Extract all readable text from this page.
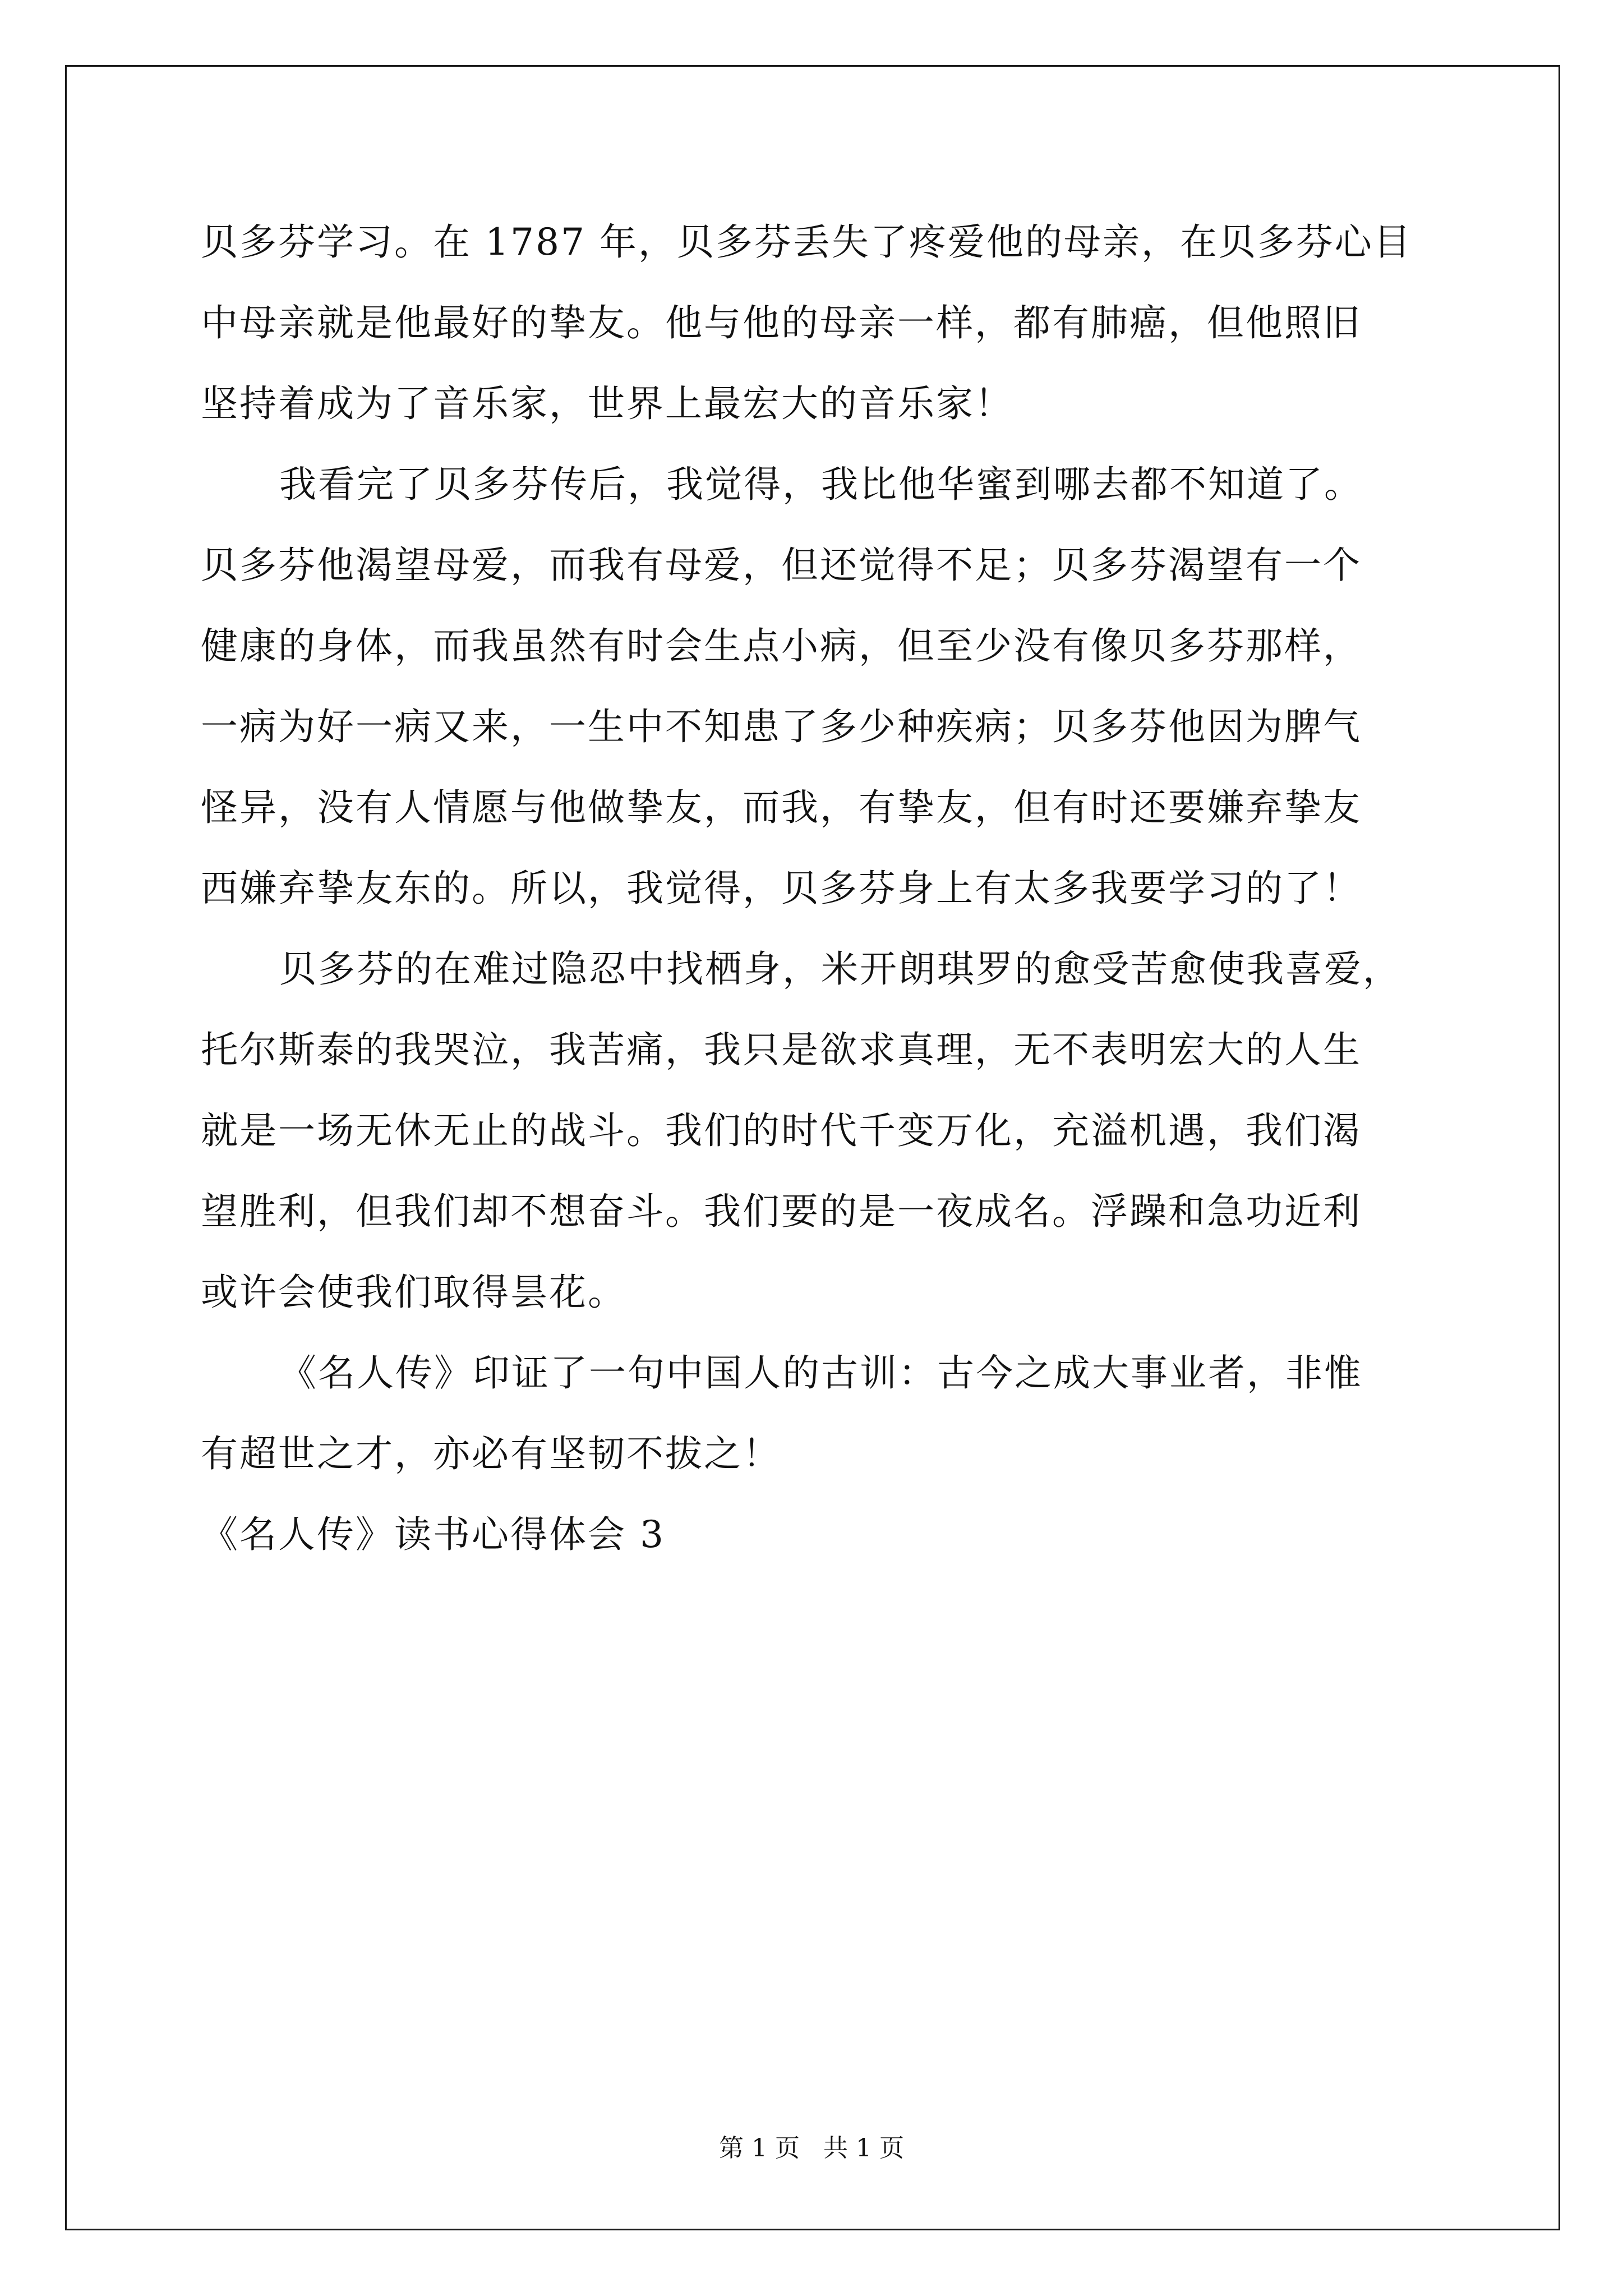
贝多芬学习。在 1787 年，贝多芬丢失了疼爱他的母亲，在贝多芬心目
中母亲就是他最好的挚友。他与他的母亲一样，都有肺癌，但他照旧
坚持着成为了音乐家，世界上最宏大的音乐家！
我看完了贝多芬传后，我觉得，我比他华蜜到哪去都不知道了。
贝多芬他渴望母爱，而我有母爱，但还觉得不足；贝多芬渴望有一个
健康的身体，而我虽然有时会生点小病，但至少没有像贝多芬那样，
一病为好一病又来，一生中不知患了多少种疾病；贝多芬他因为脾气
怪异，没有人情愿与他做挚友，而我，有挚友，但有时还要嫌弃挚友
西嫌弃挚友东的。所以，我觉得，贝多芬身上有太多我要学习的了！
贝多芬的在难过隐忍中找栖身，米开朗琪罗的愈受苦愈使我喜爱，
托尔斯泰的我哭泣，我苦痛，我只是欲求真理，无不表明宏大的人生
就是一场无休无止的战斗。我们的时代千变万化，充溢机遇，我们渴
望胜利，但我们却不想奋斗。我们要的是一夜成名。浮躁和急功近利
或许会使我们取得昙花。
《名人传》印证了一句中国人的古训：古今之成大事业者，非惟
有超世之才，亦必有坚韧不拔之！
《名人传》读书心得体会 3
第 1 页   共 1 页
